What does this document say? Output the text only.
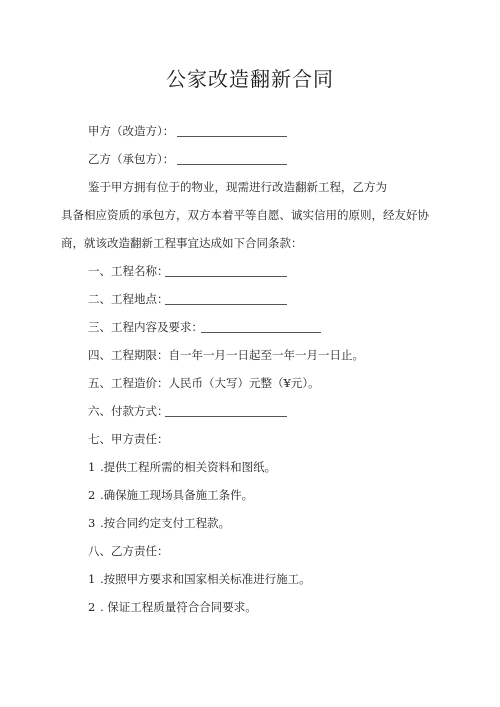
公家改造翻新合同
甲方（改造方）：
乙方（承包方）：
鉴于甲方拥有位于的物业，现需进行改造翻新工程，乙方为
具备相应资质的承包方，双方本着平等自愿、诚实信用的原则，经友好协
商，就该改造翻新工程事宜达成如下合同条款：
一、工程名称：
二、工程地点：
三、工程内容及要求：
四、工程期限：自一年一月一日起至一年一月一日止。
五、工程造价：人民币（大写）元整（¥元）。
六、付款方式：
七、甲方责任：
1 .提供工程所需的相关资料和图纸。
2 .确保施工现场具备施工条件。
3 .按合同约定支付工程款。
八、乙方责任：
1 .按照甲方要求和国家相关标准进行施工。
2 . 保证工程质量符合合同要求。
